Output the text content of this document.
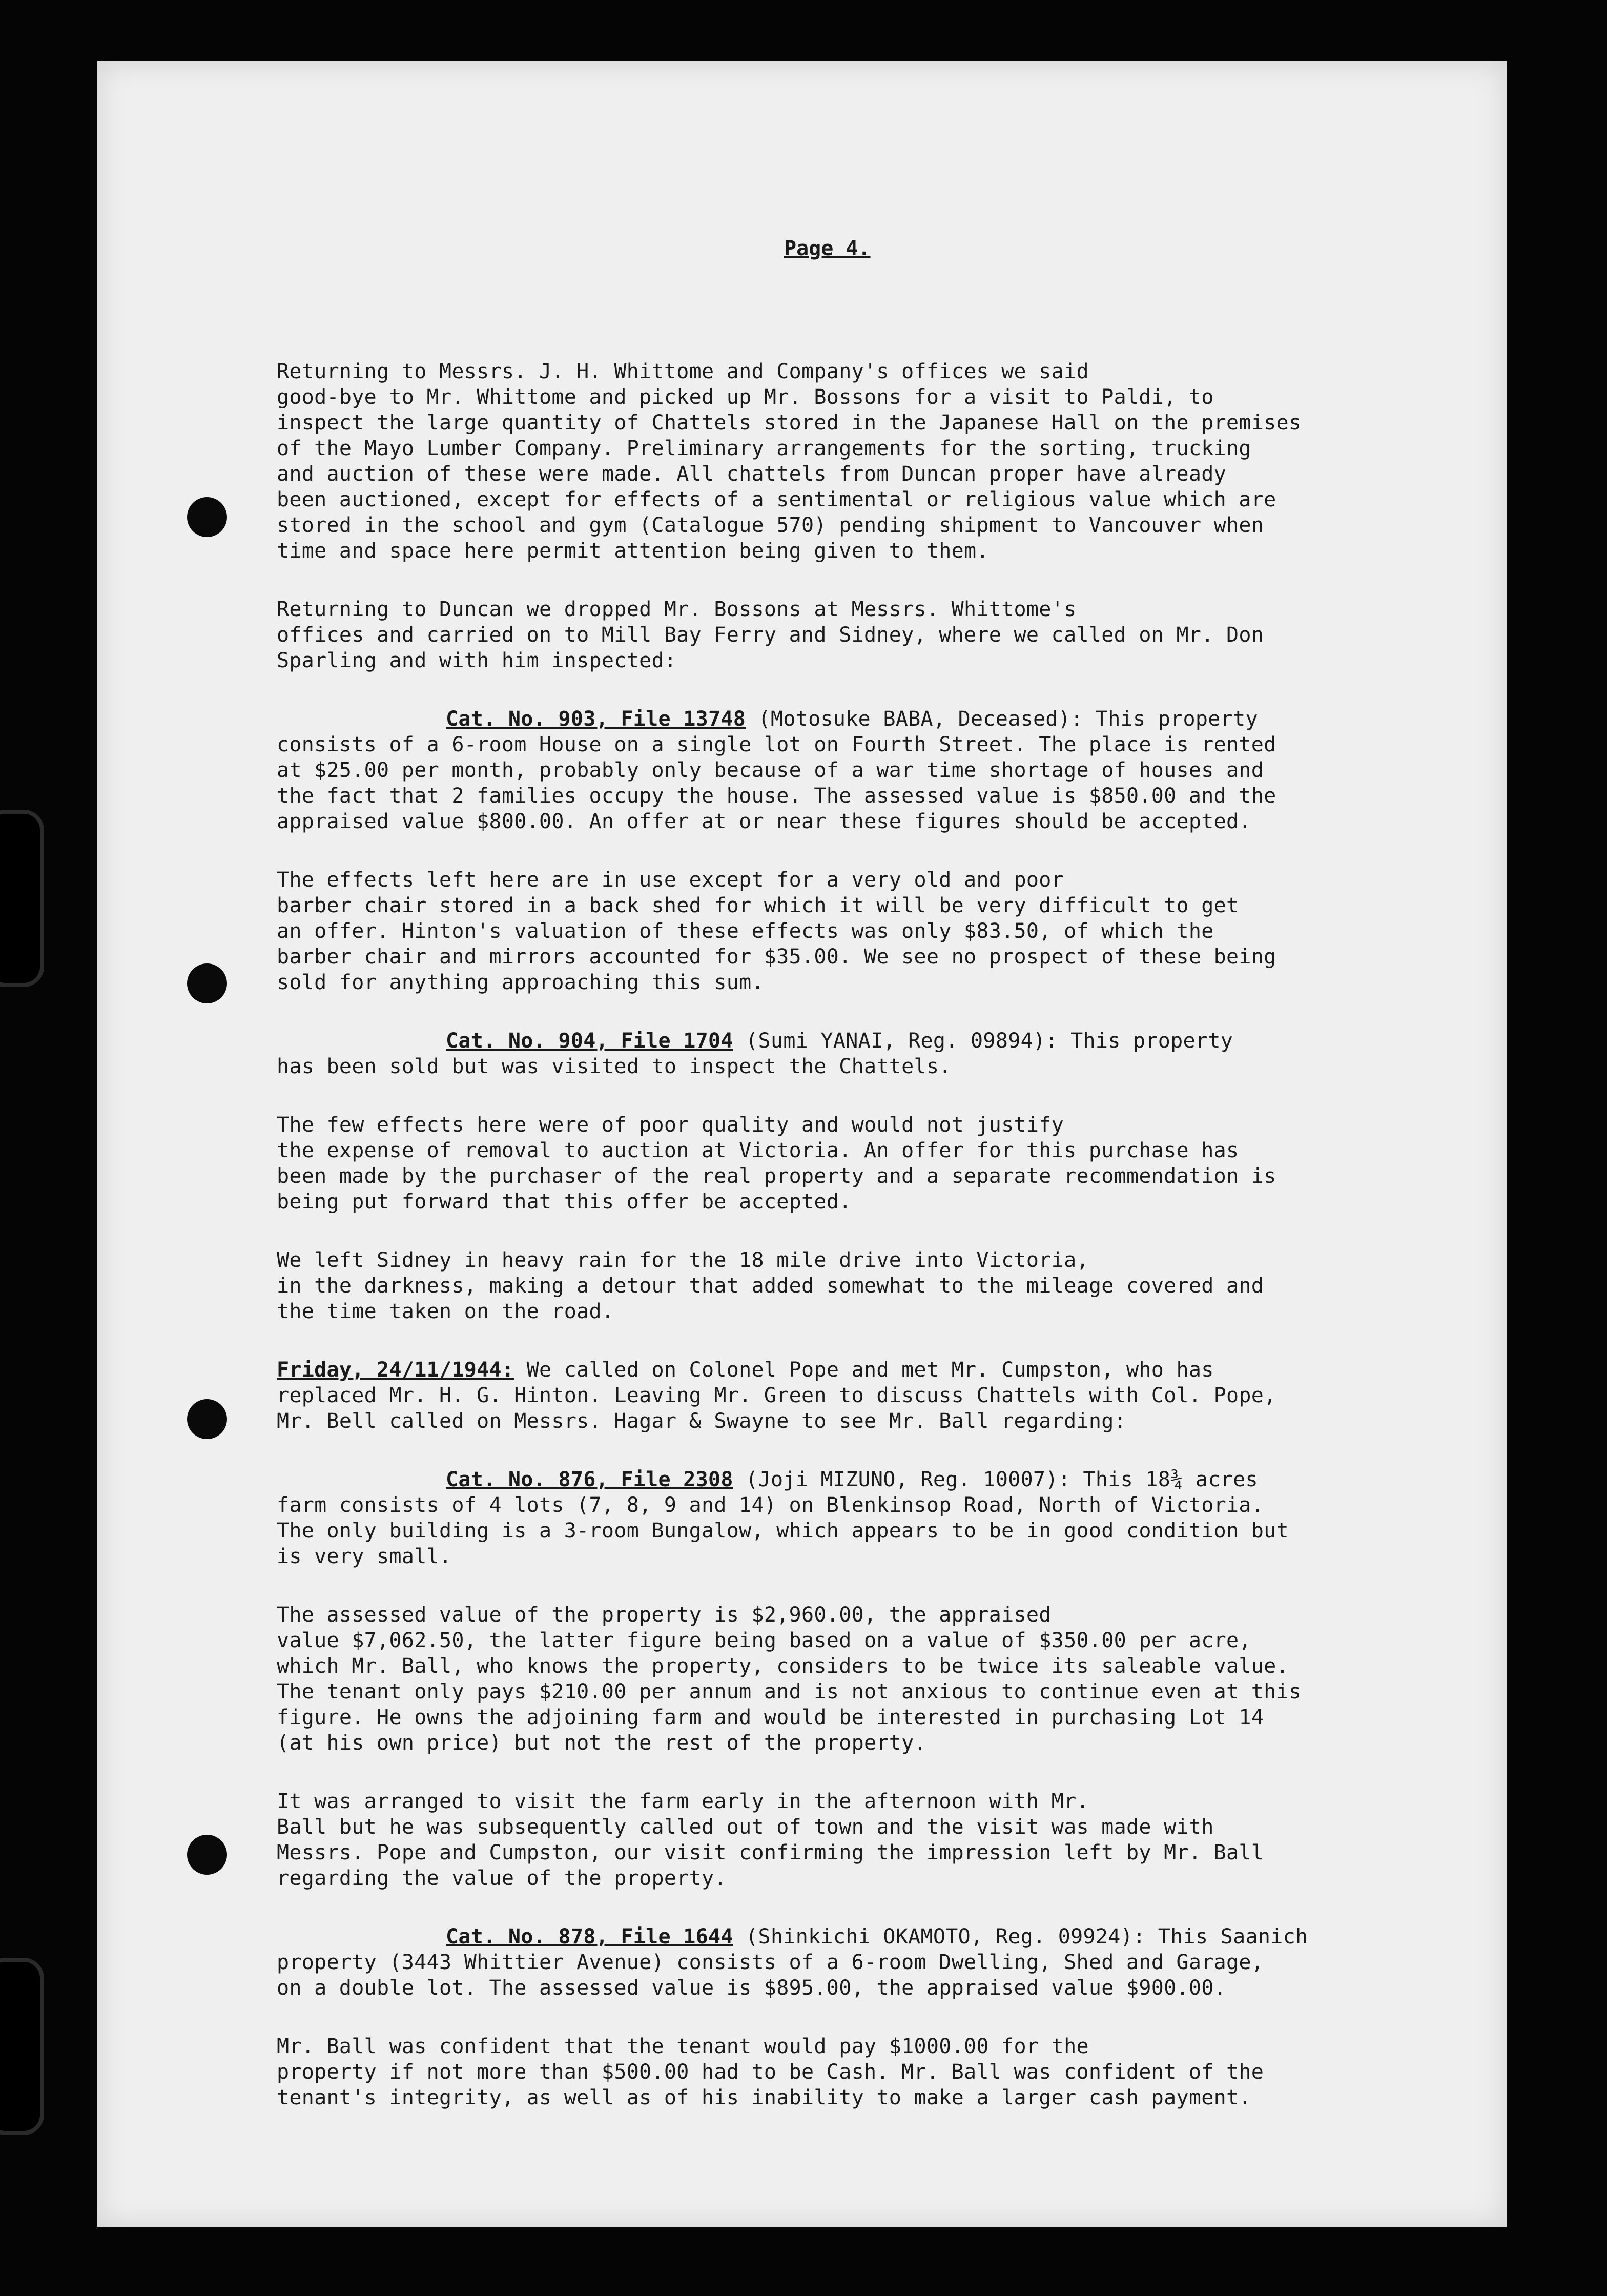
Page 4.

Returning to Messrs. J. H. Whittome and Company's offices we said
good-bye to Mr. Whittome and picked up Mr. Bossons for a visit to Paldi, to
inspect the large quantity of Chattels stored in the Japanese Hall on the premises
of the Mayo Lumber Company. Preliminary arrangements for the sorting, trucking
and auction of these were made. All chattels from Duncan proper have already
been auctioned, except for effects of a sentimental or religious value which are
stored in the school and gym (Catalogue 570) pending shipment to Vancouver when
time and space here permit attention being given to them.

Returning to Duncan we dropped Mr. Bossons at Messrs. Whittome's
offices and carried on to Mill Bay Ferry and Sidney, where we called on Mr. Don
Sparling and with him inspected:

Cat. No. 903, File 13748 (Motosuke BABA, Deceased): This property
consists of a 6-room House on a single lot on Fourth Street. The place is rented
at $25.00 per month, probably only because of a war time shortage of houses and
the fact that 2 families occupy the house. The assessed value is $850.00 and the
appraised value $800.00. An offer at or near these figures should be accepted.

The effects left here are in use except for a very old and poor
barber chair stored in a back shed for which it will be very difficult to get
an offer. Hinton's valuation of these effects was only $83.50, of which the
barber chair and mirrors accounted for $35.00. We see no prospect of these being
sold for anything approaching this sum.

Cat. No. 904, File 1704 (Sumi YANAI, Reg. 09894): This property
has been sold but was visited to inspect the Chattels.

The few effects here were of poor quality and would not justify
the expense of removal to auction at Victoria. An offer for this purchase has
been made by the purchaser of the real property and a separate recommendation is
being put forward that this offer be accepted.

We left Sidney in heavy rain for the 18 mile drive into Victoria,
in the darkness, making a detour that added somewhat to the mileage covered and
the time taken on the road.

Friday, 24/11/1944: We called on Colonel Pope and met Mr. Cumpston, who has
replaced Mr. H. G. Hinton. Leaving Mr. Green to discuss Chattels with Col. Pope,
Mr. Bell called on Messrs. Hagar & Swayne to see Mr. Ball regarding:

Cat. No. 876, File 2308 (Joji MIZUNO, Reg. 10007): This 18¾ acres
farm consists of 4 lots (7, 8, 9 and 14) on Blenkinsop Road, North of Victoria.
The only building is a 3-room Bungalow, which appears to be in good condition but
is very small.

The assessed value of the property is $2,960.00, the appraised
value $7,062.50, the latter figure being based on a value of $350.00 per acre,
which Mr. Ball, who knows the property, considers to be twice its saleable value.
The tenant only pays $210.00 per annum and is not anxious to continue even at this
figure. He owns the adjoining farm and would be interested in purchasing Lot 14
(at his own price) but not the rest of the property.

It was arranged to visit the farm early in the afternoon with Mr.
Ball but he was subsequently called out of town and the visit was made with
Messrs. Pope and Cumpston, our visit confirming the impression left by Mr. Ball
regarding the value of the property.

Cat. No. 878, File 1644 (Shinkichi OKAMOTO, Reg. 09924): This Saanich
property (3443 Whittier Avenue) consists of a 6-room Dwelling, Shed and Garage,
on a double lot. The assessed value is $895.00, the appraised value $900.00.

Mr. Ball was confident that the tenant would pay $1000.00 for the
property if not more than $500.00 had to be Cash. Mr. Ball was confident of the
tenant's integrity, as well as of his inability to make a larger cash payment.
